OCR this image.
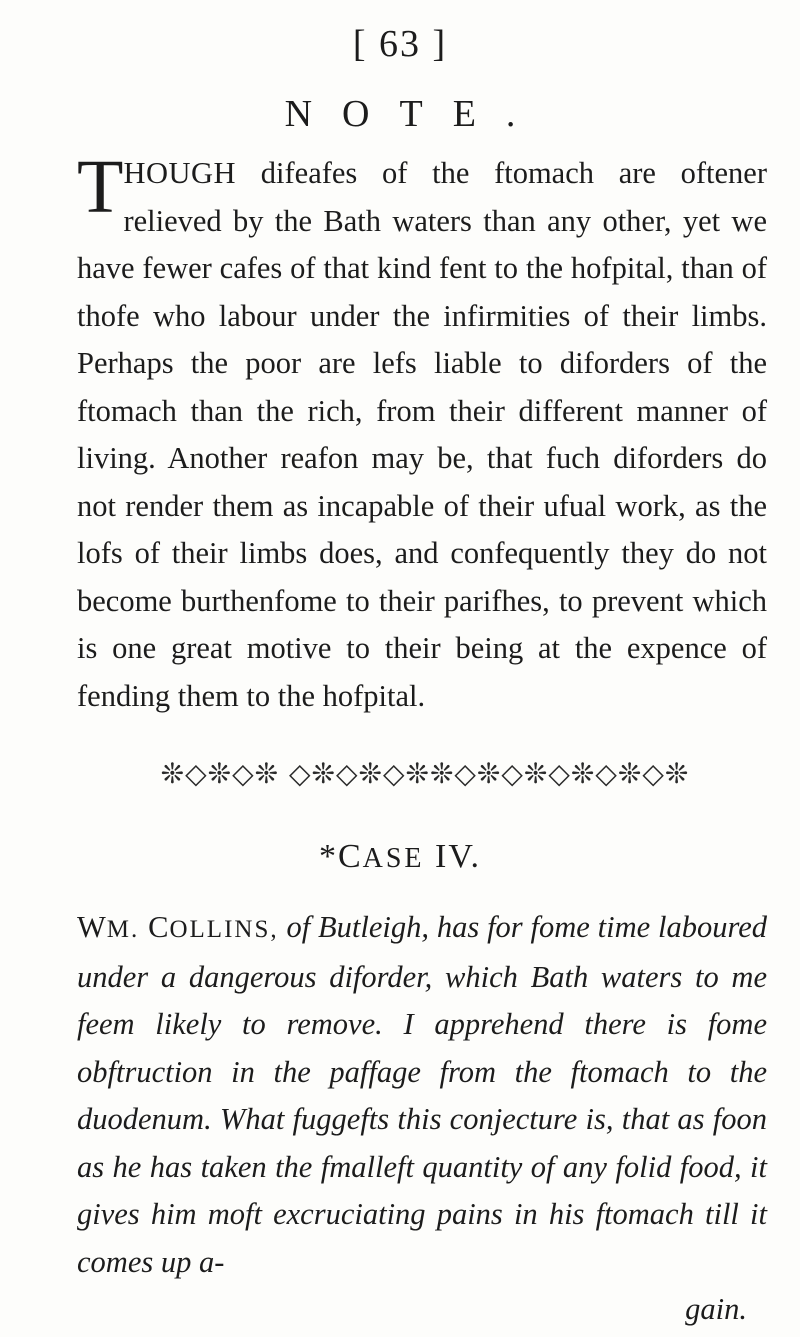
[ 63 ]
NOTE.

THOUGH difeafes of the ftomach are oftener relieved by the Bath waters than any other, yet we have fewer cafes of that kind fent to the hofpital, than of thofe who labour under the infirmities of their limbs. Perhaps the poor are lefs liable to diforders of the ftomach than the rich, from their different manner of living. Another reafon may be, that fuch diforders do not render them as incapable of their ufual work, as the lofs of their limbs does, and confequently they do not become burthenfome to their parifhes, to prevent which is one great motive to their being at the expence of fending them to the hofpital.

❊◇❊◇❊ ◇❊◇❊◇❊❊◇❊◇❊◇❊◇❊◇❊
*CASE IV.
WM. COLLINS, of Butleigh, has for fome time laboured under a dangerous diforder, which Bath waters to me feem likely to remove. I apprehend there is fome obftruction in the paffage from the ftomach to the duodenum. What fuggefts this conjecture is, that as foon as he has taken the fmalleft quantity of any folid food, it gives him moft excruciating pains in his ftomach till it comes up a-
gain.
